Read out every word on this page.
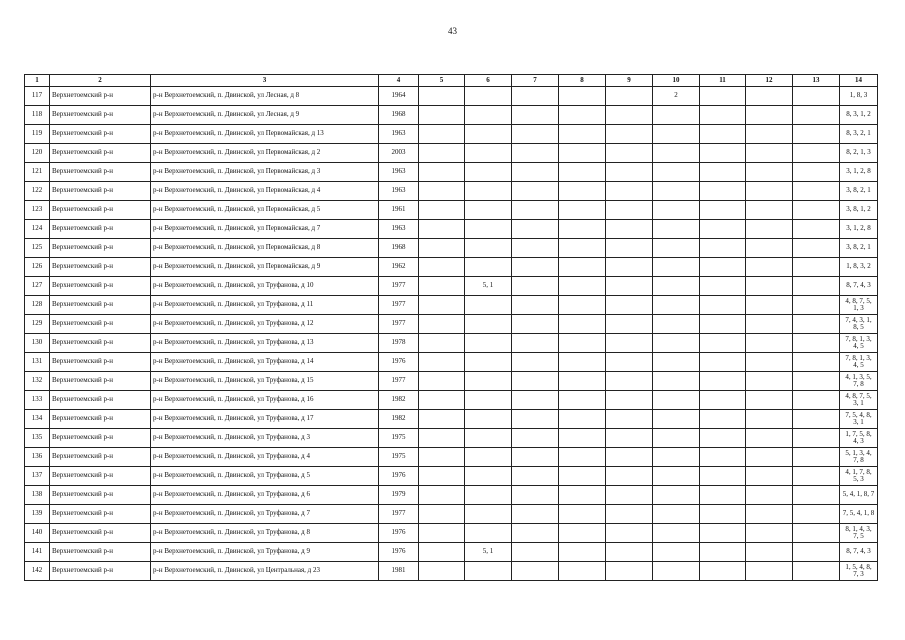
43
1	2	3	4	5	6	7	8	9	10	11	12	13	14
117	Верхнетоемский р-н	р-н Верхнетоемский, п. Двинской, ул Лесная, д 8	1964						2				1, 8, 3
118	Верхнетоемский р-н	р-н Верхнетоемский, п. Двинской, ул Лесная, д 9	1968										8, 3, 1, 2
119	Верхнетоемский р-н	р-н Верхнетоемский, п. Двинской, ул Первомайская, д 13	1963										8, 3, 2, 1
120	Верхнетоемский р-н	р-н Верхнетоемский, п. Двинской, ул Первомайская, д 2	2003										8, 2, 1, 3
121	Верхнетоемский р-н	р-н Верхнетоемский, п. Двинской, ул Первомайская, д 3	1963										3, 1, 2, 8
122	Верхнетоемский р-н	р-н Верхнетоемский, п. Двинской, ул Первомайская, д 4	1963										3, 8, 2, 1
123	Верхнетоемский р-н	р-н Верхнетоемский, п. Двинской, ул Первомайская, д 5	1961										3, 8, 1, 2
124	Верхнетоемский р-н	р-н Верхнетоемский, п. Двинской, ул Первомайская, д 7	1963										3, 1, 2, 8
125	Верхнетоемский р-н	р-н Верхнетоемский, п. Двинской, ул Первомайская, д 8	1968										3, 8, 2, 1
126	Верхнетоемский р-н	р-н Верхнетоемский, п. Двинской, ул Первомайская, д 9	1962										1, 8, 3, 2
127	Верхнетоемский р-н	р-н Верхнетоемский, п. Двинской, ул Труфанова, д 10	1977		5, 1								8, 7, 4, 3
128	Верхнетоемский р-н	р-н Верхнетоемский, п. Двинской, ул Труфанова, д 11	1977										4, 8, 7, 5, 1, 3
129	Верхнетоемский р-н	р-н Верхнетоемский, п. Двинской, ул Труфанова, д 12	1977										7, 4, 3, 1, 8, 5
130	Верхнетоемский р-н	р-н Верхнетоемский, п. Двинской, ул Труфанова, д 13	1978										7, 8, 1, 3, 4, 5
131	Верхнетоемский р-н	р-н Верхнетоемский, п. Двинской, ул Труфанова, д 14	1976										7, 8, 1, 3, 4, 5
132	Верхнетоемский р-н	р-н Верхнетоемский, п. Двинской, ул Труфанова, д 15	1977										4, 1, 3, 5, 7, 8
133	Верхнетоемский р-н	р-н Верхнетоемский, п. Двинской, ул Труфанова, д 16	1982										4, 8, 7, 5, 3, 1
134	Верхнетоемский р-н	р-н Верхнетоемский, п. Двинской, ул Труфанова, д 17	1982										7, 5, 4, 8, 3, 1
135	Верхнетоемский р-н	р-н Верхнетоемский, п. Двинской, ул Труфанова, д 3	1975										1, 7, 5, 8, 4, 3
136	Верхнетоемский р-н	р-н Верхнетоемский, п. Двинской, ул Труфанова, д 4	1975										5, 1, 3, 4, 7, 8
137	Верхнетоемский р-н	р-н Верхнетоемский, п. Двинской, ул Труфанова, д 5	1976										4, 1, 7, 8, 5, 3
138	Верхнетоемский р-н	р-н Верхнетоемский, п. Двинской, ул Труфанова, д 6	1979										5, 4, 1, 8, 7
139	Верхнетоемский р-н	р-н Верхнетоемский, п. Двинской, ул Труфанова, д 7	1977										7, 5, 4, 1, 8
140	Верхнетоемский р-н	р-н Верхнетоемский, п. Двинской, ул Труфанова, д 8	1976										8, 1, 4, 3, 7, 5
141	Верхнетоемский р-н	р-н Верхнетоемский, п. Двинской, ул Труфанова, д 9	1976		5, 1								8, 7, 4, 3
142	Верхнетоемский р-н	р-н Верхнетоемский, п. Двинской, ул Центральная, д 23	1981										1, 5, 4, 8, 7, 3
